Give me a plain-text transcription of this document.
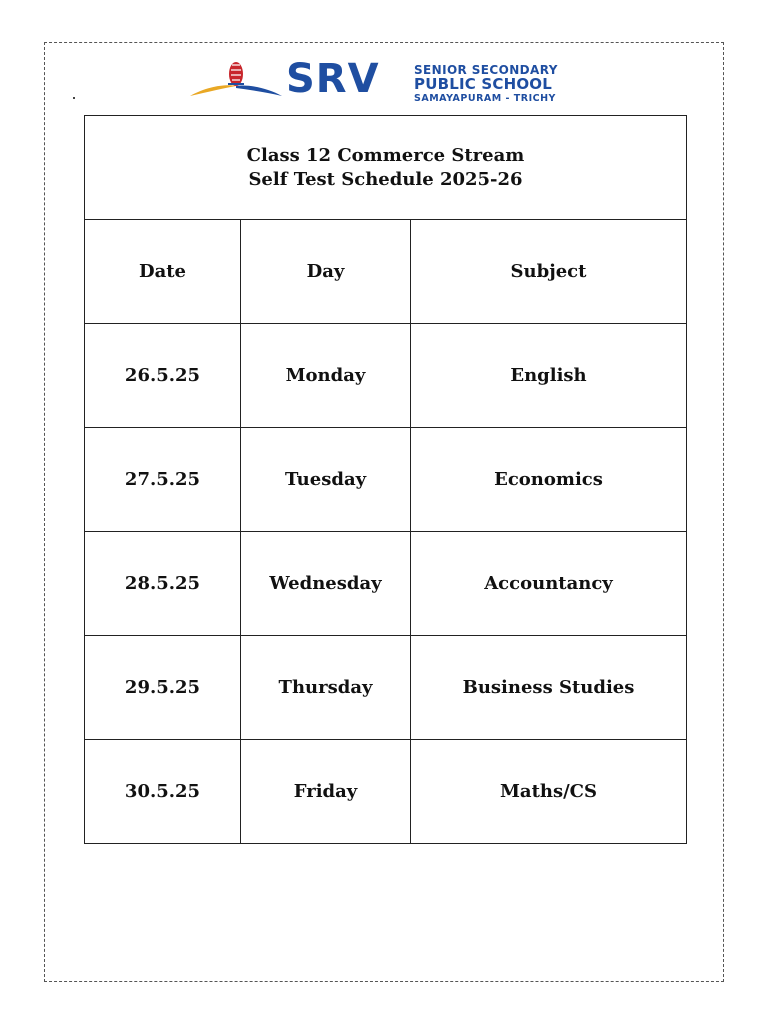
SRV	SENIOR SECONDARY
PUBLIC SCHOOL
SAMAYAPURAM - TRICHY
Class 12 Commerce Stream
Self Test Schedule 2025-26		

Date	Day	Subject
26.5.25	Monday	English
27.5.25	Tuesday	Economics
28.5.25	Wednesday	Accountancy
29.5.25	Thursday	Business Studies
30.5.25	Friday	Maths/CS
